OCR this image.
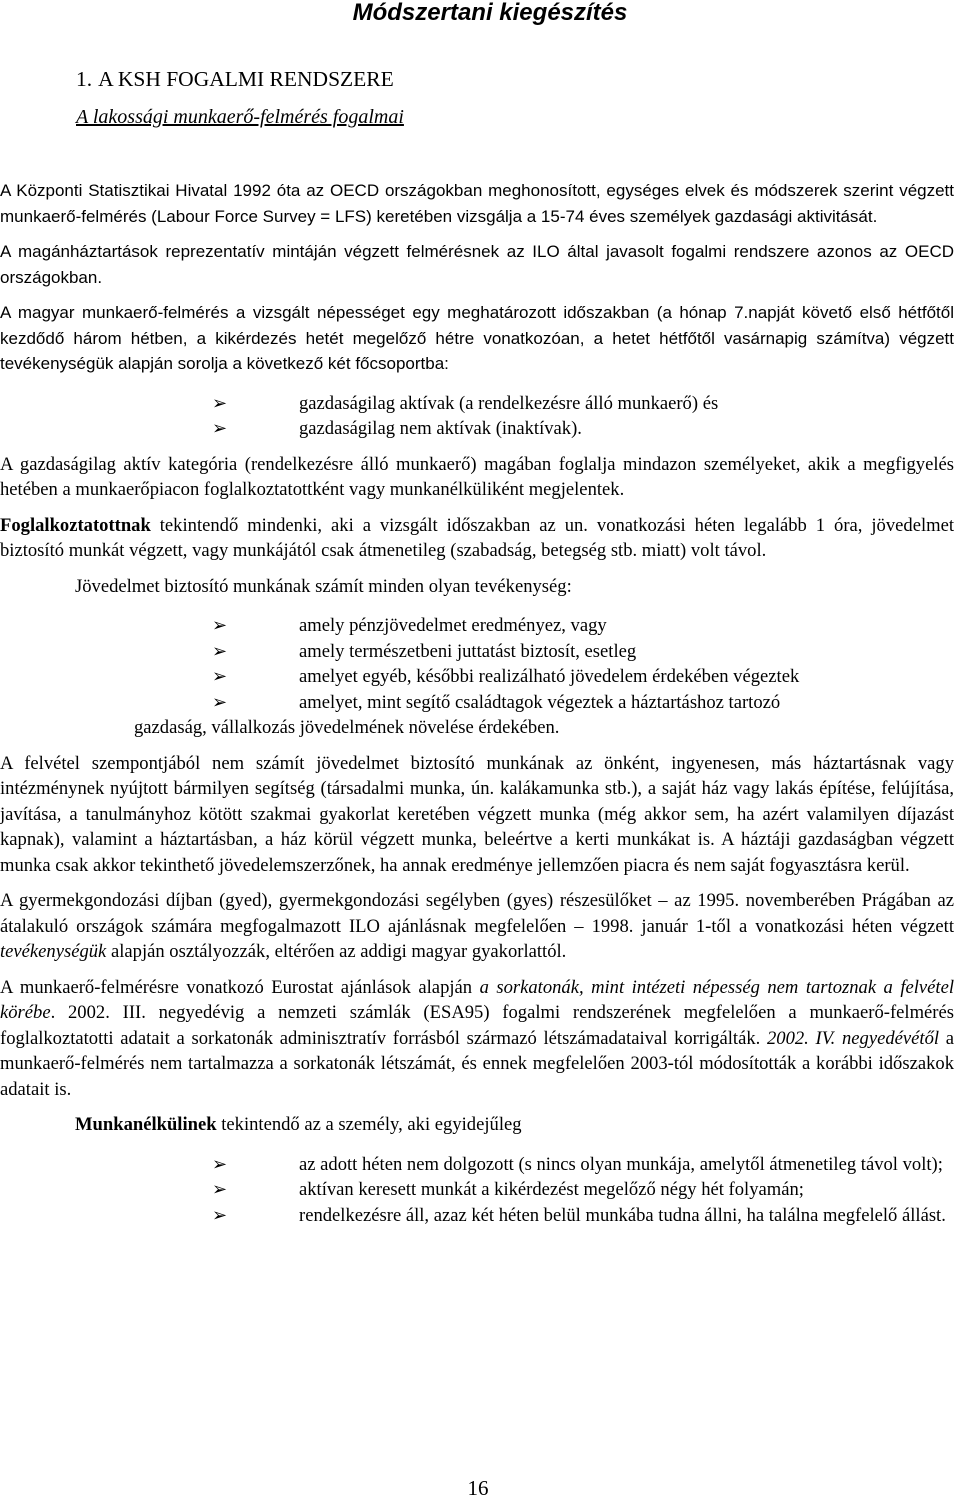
Módszertani kiegészítés
1. A KSH FOGALMI RENDSZERE
A lakossági munkaerő-felmérés fogalmai

A Központi Statisztikai Hivatal 1992 óta az OECD országokban meghonosított, egységes elvek és módszerek szerint végzett munkaerő-felmérés (Labour Force Survey = LFS) keretében vizsgálja a 15-74 éves személyek gazdasági aktivitását.

A magánháztartások reprezentatív mintáján végzett felmérésnek az ILO által javasolt fogalmi rendszere azonos az OECD országokban.

A magyar munkaerő-felmérés a vizsgált népességet egy meghatározott időszakban (a hónap 7.napját követő első hétfőtől kezdődő három hétben, a kikérdezés hetét megelőző hétre vonatkozóan, a hetet hétfőtől vasárnapig számítva) végzett tevékenységük alapján sorolja a következő két főcsoportba:

➢	gazdaságilag aktívak (a rendelkezésre álló munkaerő) és
➢	gazdaságilag nem aktívak (inaktívak).

A gazdaságilag aktív kategória (rendelkezésre álló munkaerő) magában foglalja mindazon személyeket, akik a megfigyelés hetében a munkaerőpiacon foglalkoztatottként vagy munkanélküliként megjelentek.

Foglalkoztatottnak tekintendő mindenki, aki a vizsgált időszakban az un. vonatkozási héten legalább 1 óra, jövedelmet biztosító munkát végzett, vagy munkájától csak átmenetileg (szabadság, betegség stb. miatt) volt távol.

Jövedelmet biztosító munkának számít minden olyan tevékenység:

➢	amely pénzjövedelmet eredményez, vagy
➢	amely természetbeni juttatást biztosít, esetleg
➢	amelyet egyéb, későbbi realizálható jövedelem érdekében végeztek
➢	amelyet, mint segítő családtagok végeztek a háztartáshoz tartozó
gazdaság, vállalkozás jövedelmének növelése érdekében.

A felvétel szempontjából nem számít jövedelmet biztosító munkának az önként, ingyenesen, más háztartásnak vagy intézménynek nyújtott bármilyen segítség (társadalmi munka, ún. kalákamunka stb.), a saját ház vagy lakás építése, felújítása, javítása, a tanulmányhoz kötött szakmai gyakorlat keretében végzett munka (még akkor sem, ha azért valamilyen díjazást kapnak), valamint a háztartásban, a ház körül végzett munka, beleértve a kerti munkákat is. A háztáji gazdaságban végzett munka csak akkor tekinthető jövedelemszerzőnek, ha annak eredménye jellemzően piacra és nem saját fogyasztásra kerül.

A gyermekgondozási díjban (gyed), gyermekgondozási segélyben (gyes) részesülőket – az 1995. novemberében Prágában az átalakuló országok számára megfogalmazott ILO ajánlásnak megfelelően – 1998. január 1-től a vonatkozási héten végzett tevékenységük alapján osztályozzák, eltérően az addigi magyar gyakorlattól.

A munkaerő-felmérésre vonatkozó Eurostat ajánlások alapján a sorkatonák, mint intézeti népesség nem tartoznak a felvétel körébe. 2002. III. negyedévig a nemzeti számlák (ESA95) fogalmi rendszerének megfelelően a munkaerő-felmérés foglalkoztatotti adatait a sorkatonák adminisztratív forrásból származó létszámadataival korrigálták. 2002. IV. negyedévétől a munkaerő-felmérés nem tartalmazza a sorkatonák létszámát, és ennek megfelelően 2003-tól módosították a korábbi időszakok adatait is.

Munkanélkülinek tekintendő az a személy, aki egyidejűleg

➢	az adott héten nem dolgozott (s nincs olyan munkája, amelytől átmenetileg távol volt);
➢	aktívan keresett munkát a kikérdezést megelőző négy hét folyamán;
➢	rendelkezésre áll, azaz két héten belül munkába tudna állni, ha találna megfelelő állást.
16
